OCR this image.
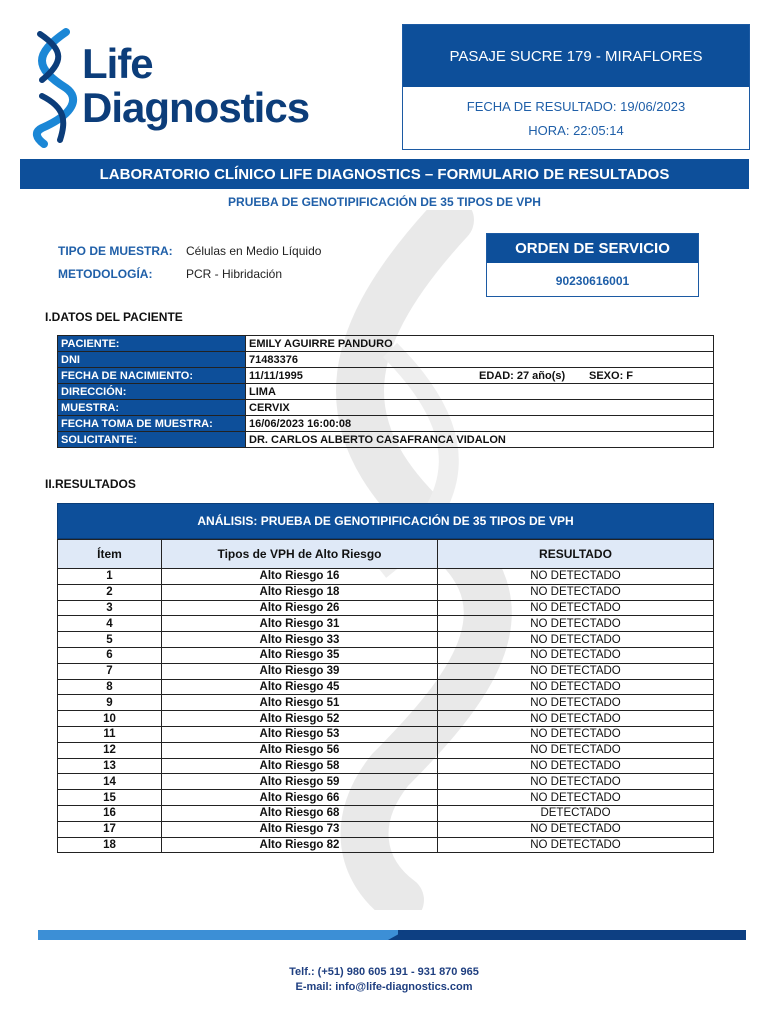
Life
Diagnostics
PASAJE SUCRE 179 - MIRAFLORES
FECHA DE RESULTADO: 19/06/2023
HORA: 22:05:14
LABORATORIO CLÍNICO LIFE DIAGNOSTICS – FORMULARIO DE RESULTADOS
PRUEBA DE GENOTIPIFICACIÓN DE 35 TIPOS DE VPH
TIPO DE MUESTRA:	Células en Medio Líquido
METODOLOGÍA:	PCR - Hibridación
ORDEN DE SERVICIO
90230616001
I.DATOS DEL PACIENTE
PACIENTE:	EMILY AGUIRRE PANDURO
DNI	71483376
FECHA DE NACIMIENTO:	11/11/1995 EDAD: 27 año(s) SEXO: F

DIRECCIÓN:	LIMA
MUESTRA:	CERVIX
FECHA TOMA DE MUESTRA:	16/06/2023 16:00:08
SOLICITANTE:	DR. CARLOS ALBERTO CASAFRANCA VIDALON
II.RESULTADOS
ANÁLISIS: PRUEBA DE GENOTIPIFICACIÓN DE 35 TIPOS DE VPH
Ítem	Tipos de VPH de Alto Riesgo	RESULTADO
1	Alto Riesgo 16	NO DETECTADO
2	Alto Riesgo 18	NO DETECTADO
3	Alto Riesgo 26	NO DETECTADO
4	Alto Riesgo 31	NO DETECTADO
5	Alto Riesgo 33	NO DETECTADO
6	Alto Riesgo 35	NO DETECTADO
7	Alto Riesgo 39	NO DETECTADO
8	Alto Riesgo 45	NO DETECTADO
9	Alto Riesgo 51	NO DETECTADO
10	Alto Riesgo 52	NO DETECTADO
11	Alto Riesgo 53	NO DETECTADO
12	Alto Riesgo 56	NO DETECTADO
13	Alto Riesgo 58	NO DETECTADO
14	Alto Riesgo 59	NO DETECTADO
15	Alto Riesgo 66	NO DETECTADO
16	Alto Riesgo 68	DETECTADO
17	Alto Riesgo 73	NO DETECTADO
18	Alto Riesgo 82	NO DETECTADO
Telf.: (+51) 980 605 191 - 931 870 965
E-mail: info@life-diagnostics.com
